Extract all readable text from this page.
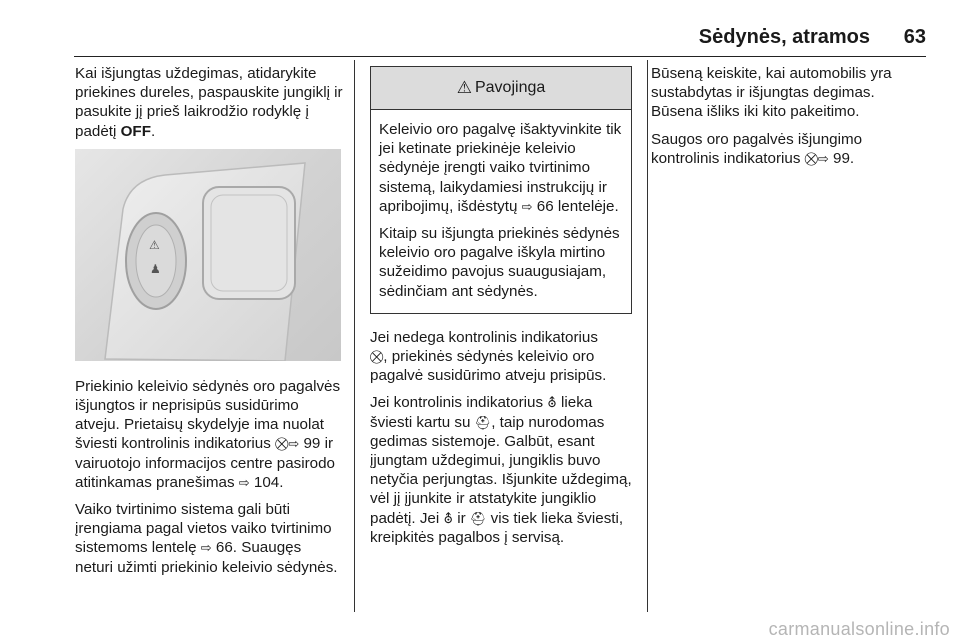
Sėdynės, atramos 63

Kai išjungtas uždegimas, atidarykite priekines dureles, paspauskite jungiklį ir pasukite jį prieš laikrodžio rodyklę į padėtį OFF.

⚠
♟

Priekinio keleivio sėdynės oro pagalvės išjungtos ir neprisipūs susidūrimo atveju. Prietaisų skydelyje ima nuolat šviesti kontrolinis indikatorius ⛒⇨ 99 ir vairuotojo informacijos centre pasirodo atitinkamas pranešimas ⇨ 104.

Vaiko tvirtinimo sistema gali būti įrengiama pagal vietos vaiko tvirtinimo sistemoms lentelę ⇨ 66. Suaugęs neturi užimti priekinio keleivio sėdynės.

⚠ Pavojinga

Keleivio oro pagalvę išaktyvinkite tik jei ketinate priekinėje keleivio sėdynėje įrengti vaiko tvirtinimo sistemą, laikydamiesi instrukcijų ir apribojimų, išdėstytų ⇨ 66 lentelėje.

Kitaip su išjungta priekinės sėdynės keleivio oro pagalve iškyla mirtino sužeidimo pavojus suaugusiajam, sėdinčiam ant sėdynės.

Jei nedega kontrolinis indikatorius
⛒, priekinės sėdynės keleivio oro pagalvė susidūrimo atveju prisipūs.

Jei kontrolinis indikatorius ⛢ lieka šviesti kartu su ⛑, taip nurodomas gedimas sistemoje. Galbūt, esant įjungtam uždegimui, jungiklis buvo netyčia perjungtas. Išjunkite uždegimą, vėl jį įjunkite ir atstatykite jungiklio padėtį. Jei ⛢ ir ⛑ vis tiek lieka šviesti, kreipkitės pagalbos į servisą.

Būseną keiskite, kai automobilis yra sustabdytas ir išjungtas degimas. Būsena išliks iki kito pakeitimo.

Saugos oro pagalvės išjungimo kontrolinis indikatorius ⛒⇨ 99.

carmanualsonline.info
